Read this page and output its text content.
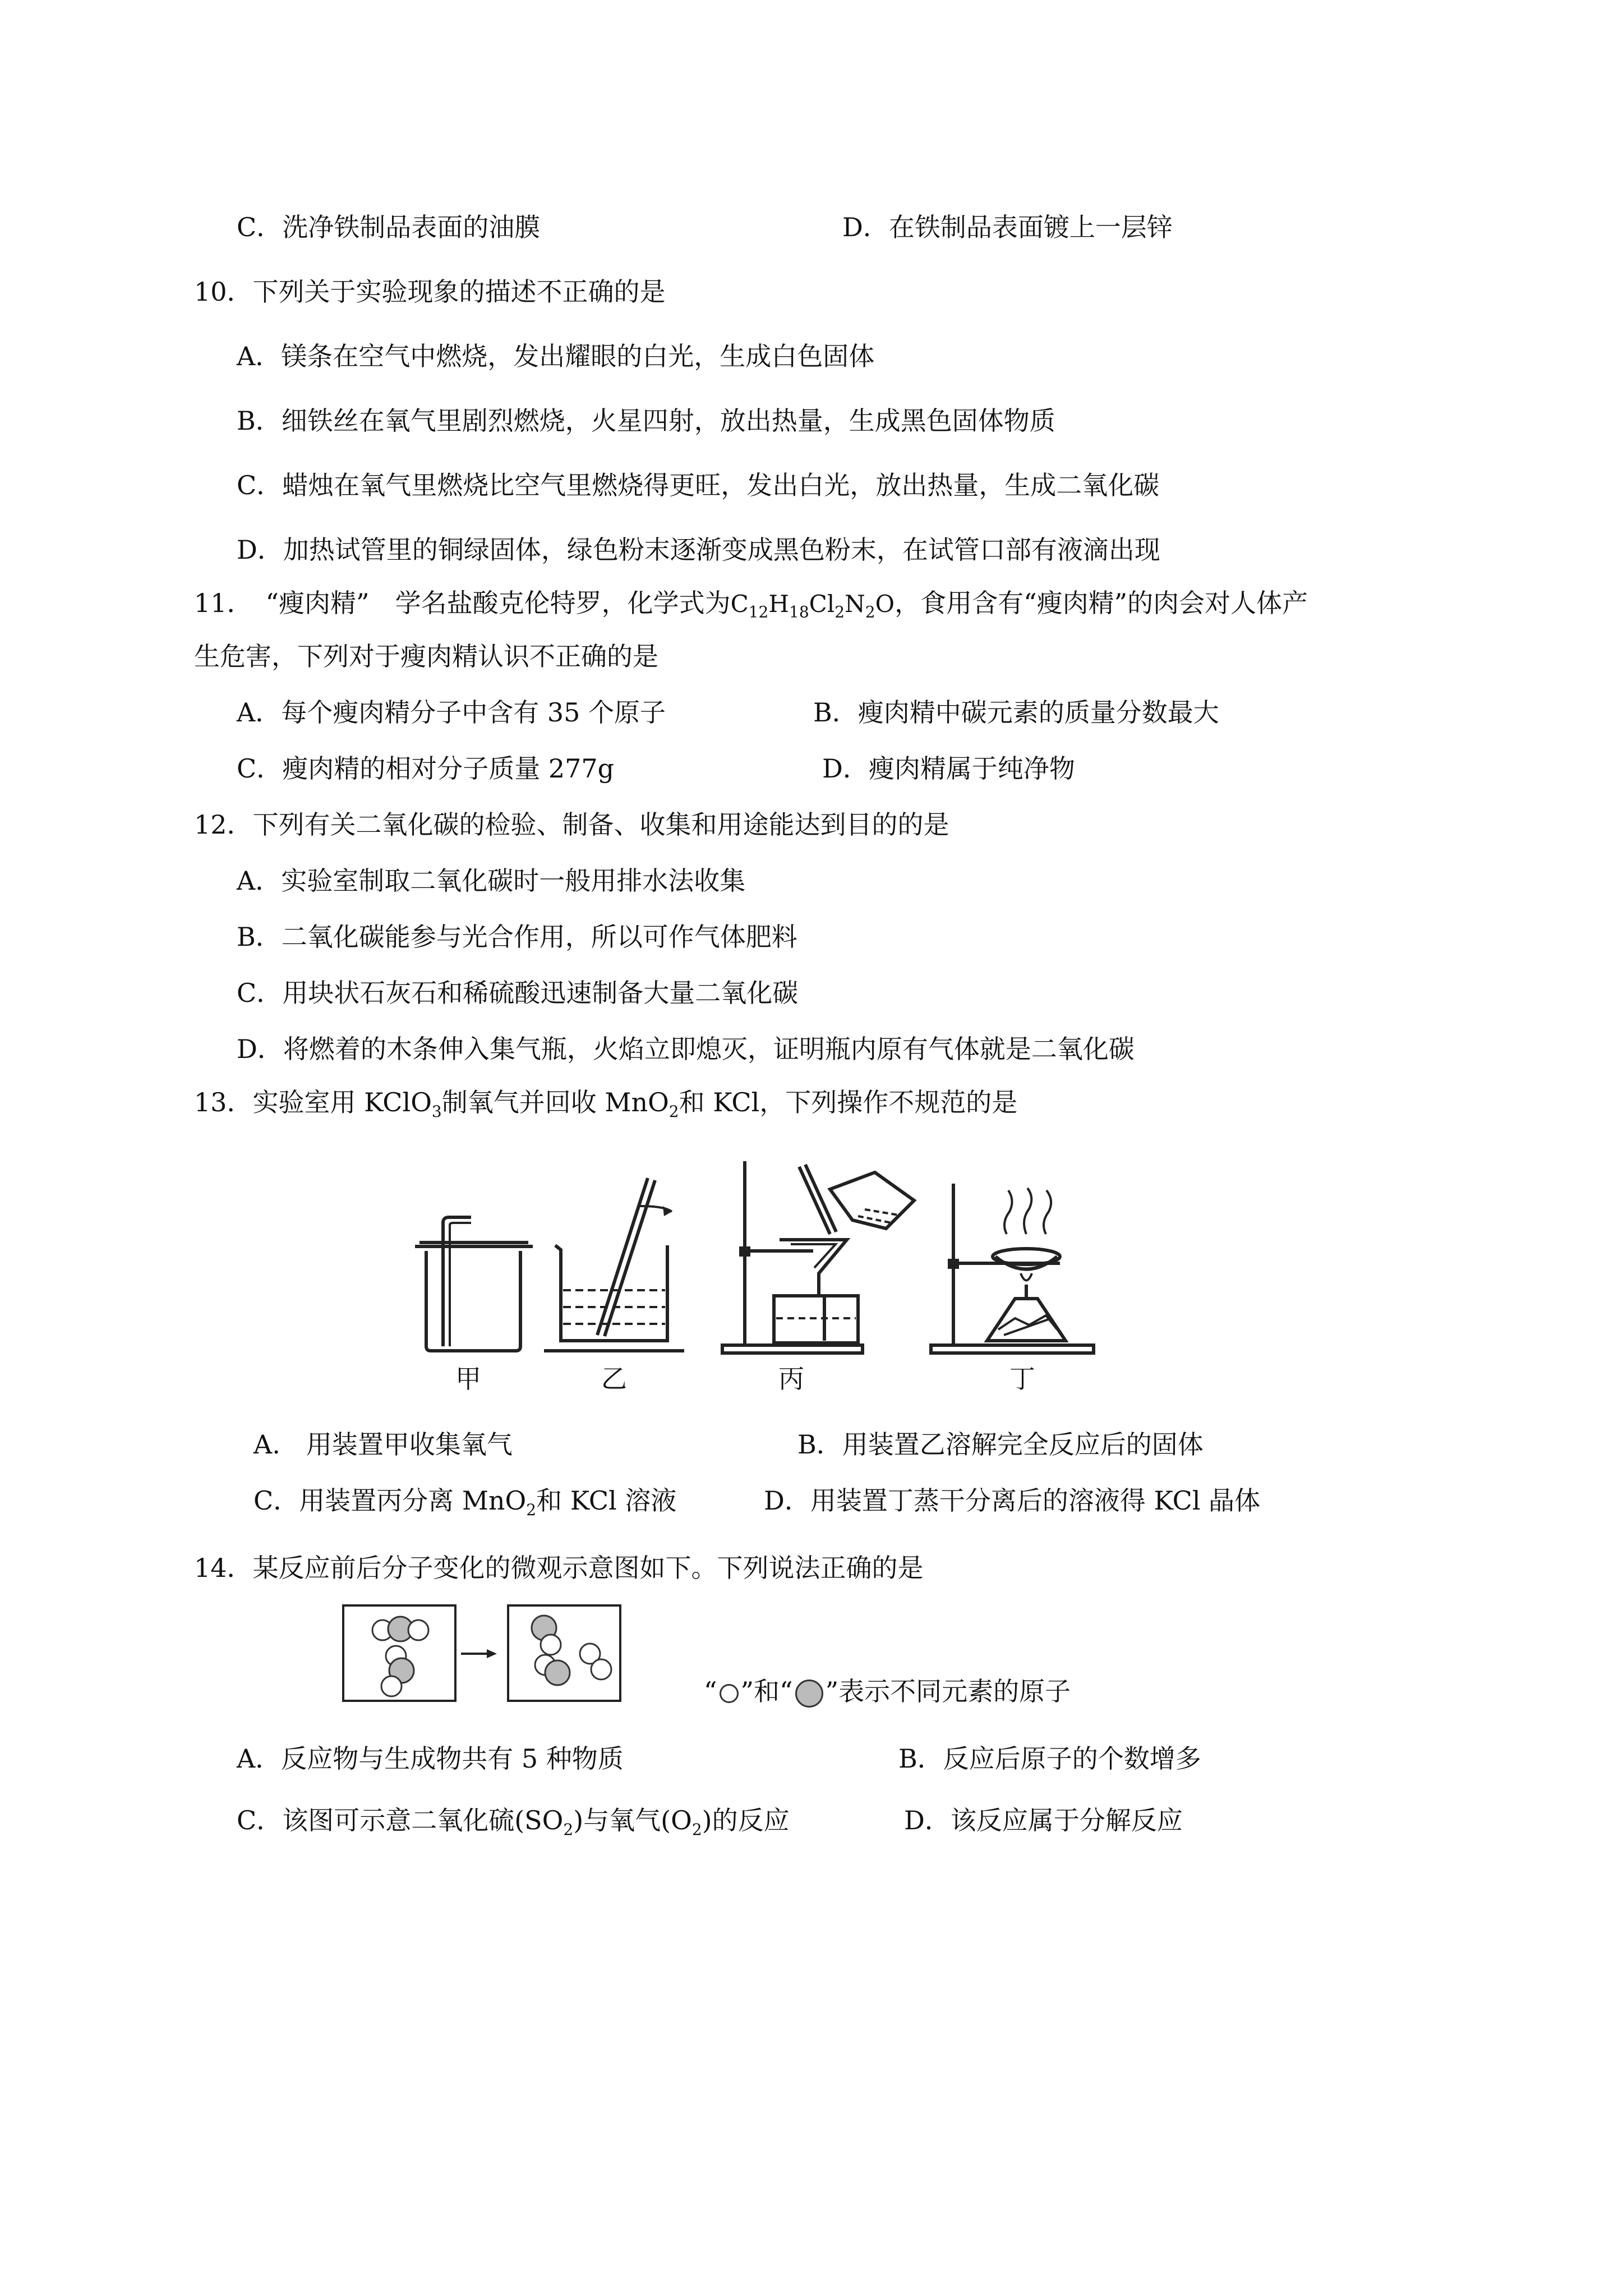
C．洗净铁制品表面的油膜	D．在铁制品表面镀上一层锌
10．下列关于实验现象的描述不正确的是
A．镁条在空气中燃烧，发出耀眼的白光，生成白色固体
B．细铁丝在氧气里剧烈燃烧，火星四射，放出热量，生成黑色固体物质
C．蜡烛在氧气里燃烧比空气里燃烧得更旺，发出白光，放出热量，生成二氧化碳
D．加热试管里的铜绿固体，绿色粉末逐渐变成黑色粉末，在试管口部有液滴出现
11．　“瘦肉精”　学名盐酸克伦特罗，化学式为$C_{12}H_{18}Cl_2N_2O$，食用含有“瘦肉精”的肉会对人体产
生危害，下列对于瘦肉精认识不正确的是
A．每个瘦肉精分子中含有 35 个原子	B．瘦肉精中碳元素的质量分数最大
C．瘦肉精的相对分子质量 277g	D．瘦肉精属于纯净物
12．下列有关二氧化碳的检验、制备、收集和用途能达到目的的是
A．实验室制取二氧化碳时一般用排水法收集
B．二氧化碳能参与光合作用，所以可作气体肥料
C．用块状石灰石和稀硫酸迅速制备大量二氧化碳
D．将燃着的木条伸入集气瓶，火焰立即熄灭，证明瓶内原有气体就是二氧化碳
13．实验室用 KClO$_3$制氧气并回收 MnO$_2$和 KCl，下列操作不规范的是
甲	乙	丙	丁
A.　用装置甲收集氧气	B．用装置乙溶解完全反应后的固体
C．用装置丙分离 MnO$_2$和 KCl 溶液	D．用装置丁蒸干分离后的溶液得 KCl 晶体
14．某反应前后分子变化的微观示意图如下。下列说法正确的是
“ ”和“ ”表示不同元素的原子
A．反应物与生成物共有 5 种物质	B．反应后原子的个数增多
C．该图可示意二氧化硫$(SO_2)$与氧气$(O_2)$的反应	D．该反应属于分解反应
